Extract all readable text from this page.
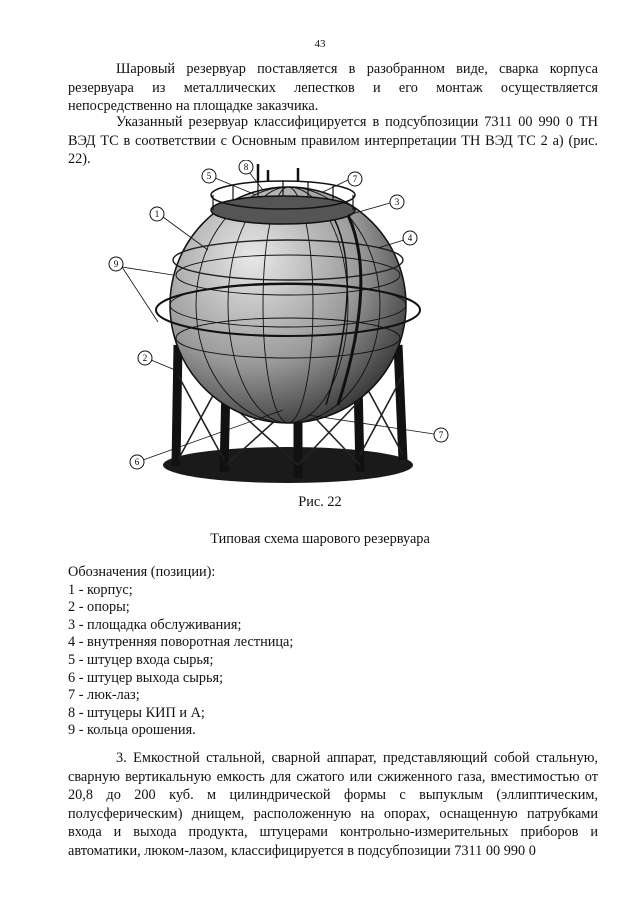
43

Шаровый резервуар поставляется в разобранном виде, сварка корпуса резервуара из металлических лепестков и его монтаж осуществляется непосредственно на площадке заказчика.

Указанный резервуар классифицируется в подсубпозиции 7311 00 990 0 ТН ВЭД ТС в соответствии с Основным правилом интерпретации ТН ВЭД ТС 2 а) (рис. 22).

5
8
7
3
1
4
9
2
7
6
Рис. 22
Типовая схема шарового резервуара
Обозначения (позиции):
1 - корпус;
2 - опоры;
3 - площадка обслуживания;
4 - внутренняя поворотная лестница;
5 - штуцер входа сырья;
6 - штуцер выхода сырья;
7 - люк-лаз;
8 - штуцеры КИП и А;
9 - кольца орошения.

3. Емкостной стальной, сварной аппарат, представляющий собой стальную, сварную вертикальную емкость для сжатого или сжиженного газа, вместимостью от 20,8 до 200 куб. м цилиндрической формы с выпуклым (эллиптическим, полусферическим) днищем, расположенную на опорах, оснащенную патрубками входа и выхода продукта, штуцерами контрольно-измерительных приборов и автоматики, люком-лазом, классифицируется в подсубпозиции 7311 00 990 0
